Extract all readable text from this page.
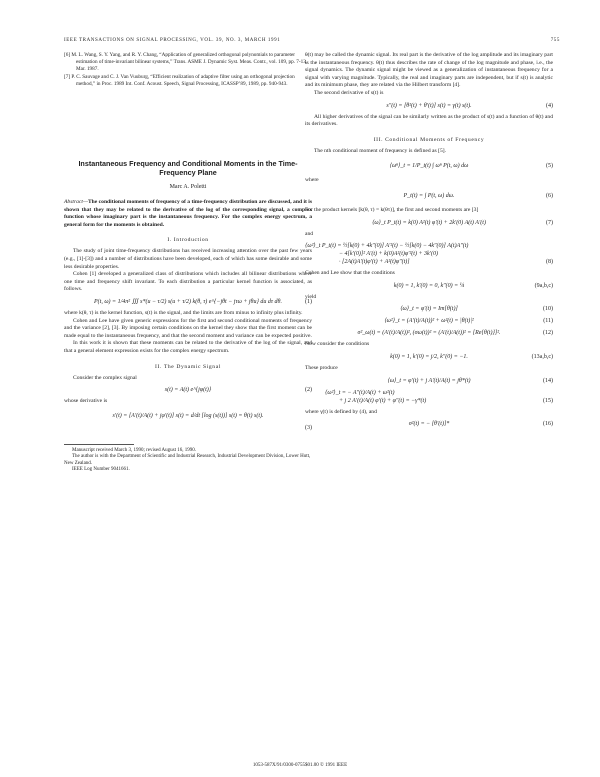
IEEE TRANSACTIONS ON SIGNAL PROCESSING, VOL. 39, NO. 3, MARCH 1991	755

[6] M. L. Wang, S. Y. Yang, and R. Y. Chang, “Application of generalized orthogonal polynomials to parameter estimation of time-invariant bilinear systems,” Trans. ASME J. Dynamic Syst. Meas. Contr., vol. 109, pp. 7-13, Mar. 1987.

[7] P. C. Sauvage and C. J. Van Vuuburg, “Efficient realization of adaptive filter using an orthogonal projection method,” in Proc. 1989 Int. Conf. Acoust. Speech, Signal Processing, ICASSP’89, 1989, pp. 940-943.

Instantaneous Frequency and Conditional Moments in the Time-Frequency Plane

Marc A. Poletti

Abstract—The conditional moments of frequency of a time-frequency distribution are discussed, and it is shown that they may be related to the derivative of the log of the corresponding signal, a complex function whose imaginary part is the instantaneous frequency. For the complex energy spectrum, a general form for the moments is obtained.

I. Introduction

The study of joint time-frequency distributions has received increasing attention over the past few years (e.g., [1]-[3]) and a number of distributions have been developed, each of which has some desirable and some less desirable properties.

Cohen [1] developed a generalized class of distributions which includes all bilinear distributions where one time and frequency shift invariant. To each distribution a particular kernel function is associated, as follows.

P(t, ω) = 1/4π² ∭ s*(u − τ/2) s(u + τ/2) k(θ, τ) e^{−jθt − jτω + jθu} du dτ dθ.	(1)

where k(θ, τ) is the kernel function, s(t) is the signal, and the limits are from minus to infinity plus infinity.

Cohen and Lee have given generic expressions for the first and second conditional moments of frequency and the variance [2], [3]. By imposing certain conditions on the kernel they show that the first moment can be made equal to the instantaneous frequency, and that the second moment and variance can be expected positive.

In this work it is shown that these moments can be related to the derivative of the log of the signal, and that a general element expression exists for the complex energy spectrum.

II. The Dynamic Signal

Consider the complex signal

s(t) = A(t) e^{jφ(t)}	(2)

whose derivative is

s′(t) = [A′(t)/A(t) + jφ′(t)] s(t) = d/dt [log (s(t))] s(t) = θ(t) s(t).
(3)

Manuscript received March 3, 1990; revised August 16, 1990.

The author is with the Department of Scientific and Industrial Research, Industrial Development Division, Lower Hutt, New Zealand.

IEEE Log Number 9041661.

θ(t) may be called the dynamic signal. Its real part is the derivative of the log amplitude and its imaginary part is the instantaneous frequency. θ(t) thus describes the rate of change of the log magnitude and phase, i.e., the signal dynamics. The dynamic signal might be viewed as a generalization of instantaneous frequency for a signal with varying magnitude. Typically, the real and imaginary parts are independent, but if s(t) is analytic and its minimum phase, they are related via the Hilbert transform [4].

The second derivative of s(t) is

s″(t) = [θ²(t) + θ′(t)] s(t) = γ(t) s(t).	(4)

All higher derivatives of the signal can be similarly written as the product of s(t) and a function of θ(t) and its derivatives.

III. Conditional Moments of Frequency

The nth conditional moment of frequency is defined as [5].

⟨ωⁿ⟩_t = 1/P_t(t) ∫ ωⁿ P(t, ω) dω	(5)

where

P_t(t) = ∫ P(t, ω) dω.	(6)

For the product kernels [k(θ, τ) = k(θτ)], the first and second moments are [3]

⟨ω⟩_t P_t(t) = k(0) A²(t) φ′(t) + 2k′(0) A(t) A′(t)	(7)

and

⟨ω²⟩_t P_t(t) = ½[k(0) + 4k″(0)] A′²(t) − ½[k(0) − 4k″(0)] A(t)A″(t)
− 4[k′(0)]² A′(t) + k(0)A²(t)φ′²(t) + 3k′(0)
· [2A(t)A′(t)φ′(t) + A²(t)φ″(t)]	(8)

Cohen and Lee show that the conditions

k(0) = 1, k′(0) = 0, k″(0) = ¼	(9a,b,c)

yield

⟨ω⟩_t = φ′(t) = Im[θ(t)]	(10)
⟨ω²⟩_t = (A′(t)/A(t))² + ω²(t) = |θ(t)|²	(11)
σ²_ω(t) = (A′(t)/A(t))², (σω(t))² = (A′(t)/A(t))² = [Re{θ(t)}]².	(12)

Now consider the conditions

k(0) = 1, k′(0) = j/2, k″(0) = −1.	(13a,b,c)

These produce

⟨ω⟩_t = φ′(t) + j A′(t)/A(t) = jθ*(t)	(14)
⟨ω²⟩_t = − A″(t)/A(t) + ω²(t)
+ j 2 A′(t)/A(t) φ′(t) + φ″(t) = −γ*(t)	(15)

where γ(t) is defined by (4), and

σ²(t) = − [θ′(t)]*	(16)
1053-587X/91/0300-0755$01.00 © 1991 IEEE
